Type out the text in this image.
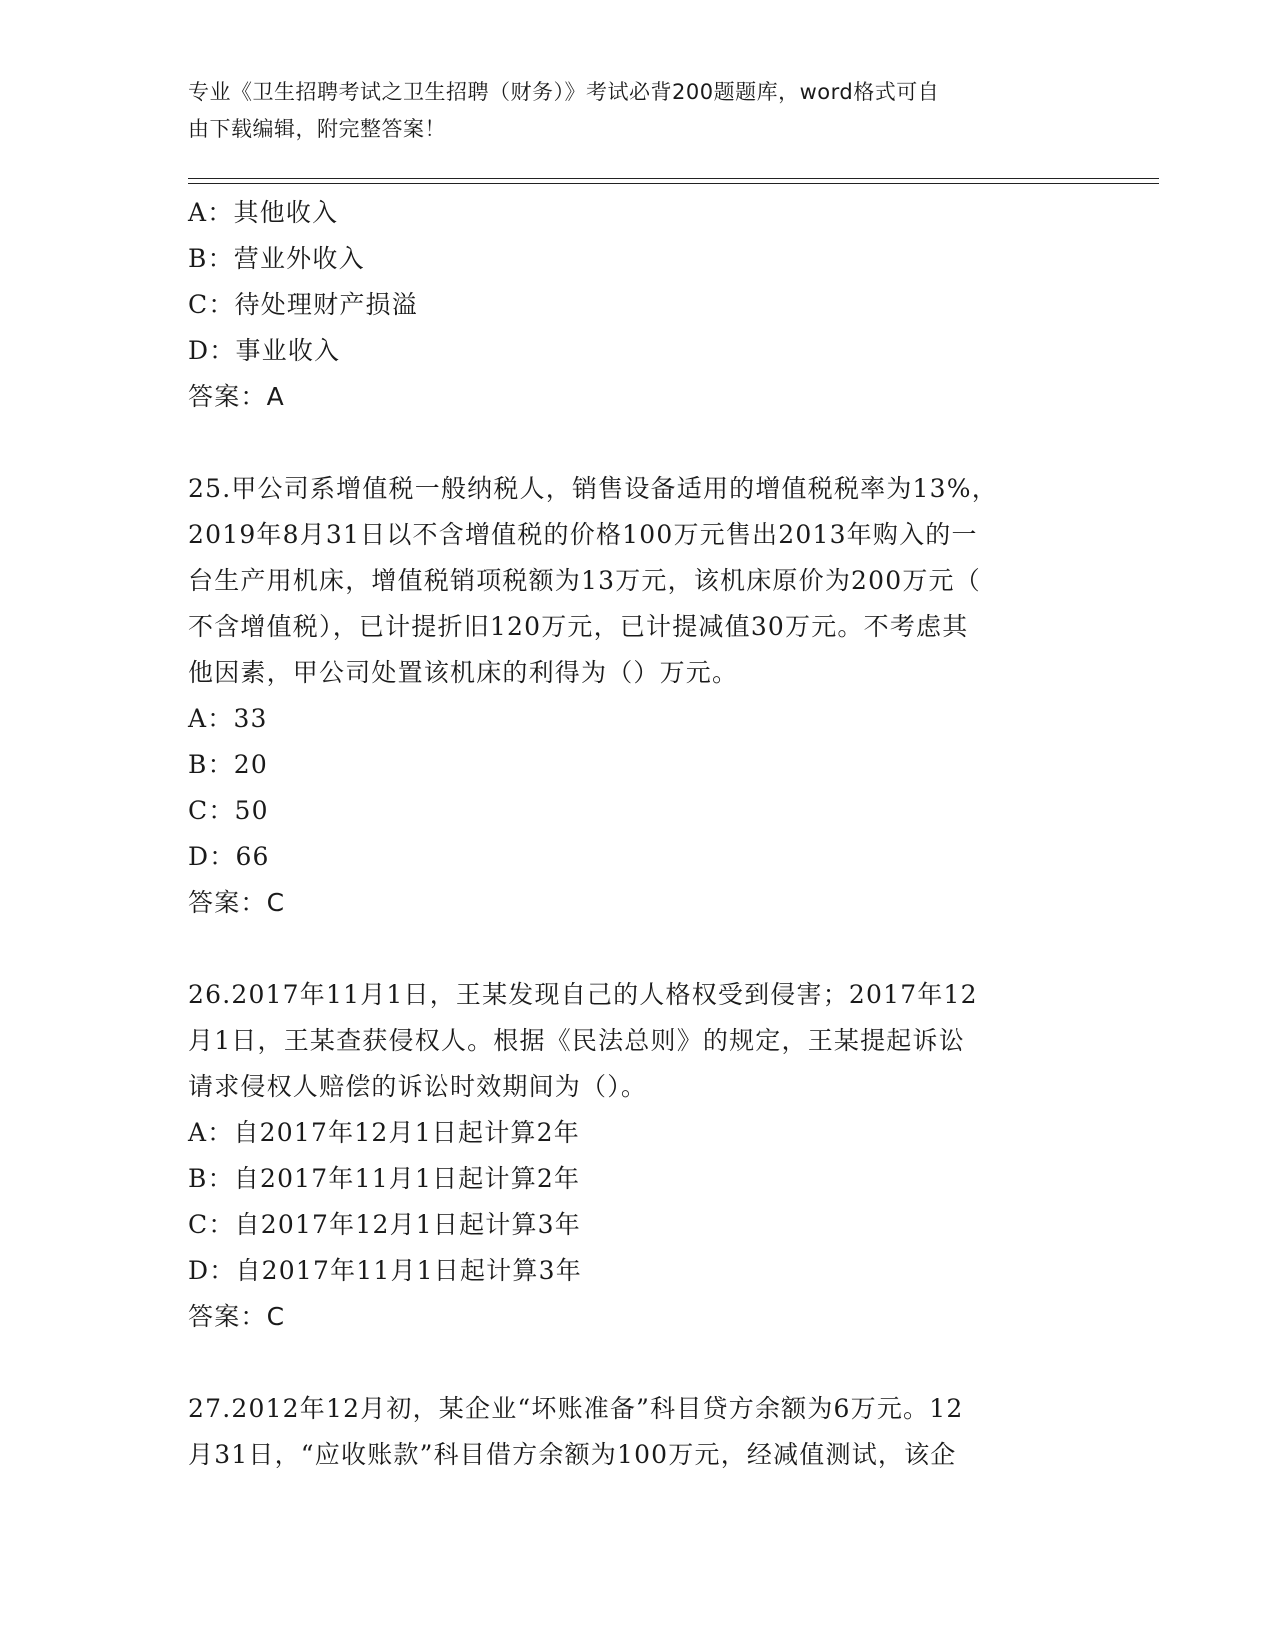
专业《卫生招聘考试之卫生招聘（财务）》考试必背200题题库，word格式可自
由下载编辑，附完整答案！
A：其他收入
B：营业外收入
C：待处理财产损溢
D：事业收入
答案：A
25.甲公司系增值税一般纳税人，销售设备适用的增值税税率为13%，
2019年8月31日以不含增值税的价格100万元售出2013年购入的一
台生产用机床，增值税销项税额为13万元，该机床原价为200万元（
不含增值税），已计提折旧120万元，已计提减值30万元。不考虑其
他因素，甲公司处置该机床的利得为（）万元。
A：33
B：20
C：50
D：66
答案：C
26.2017年11月1日，王某发现自己的人格权受到侵害；2017年12
月1日，王某查获侵权人。根据《民法总则》的规定，王某提起诉讼
请求侵权人赔偿的诉讼时效期间为（）。
A：自2017年12月1日起计算2年
B：自2017年11月1日起计算2年
C：自2017年12月1日起计算3年
D：自2017年11月1日起计算3年
答案：C
27.2012年12月初，某企业“坏账准备”科目贷方余额为6万元。12
月31日，“应收账款”科目借方余额为100万元，经减值测试，该企
